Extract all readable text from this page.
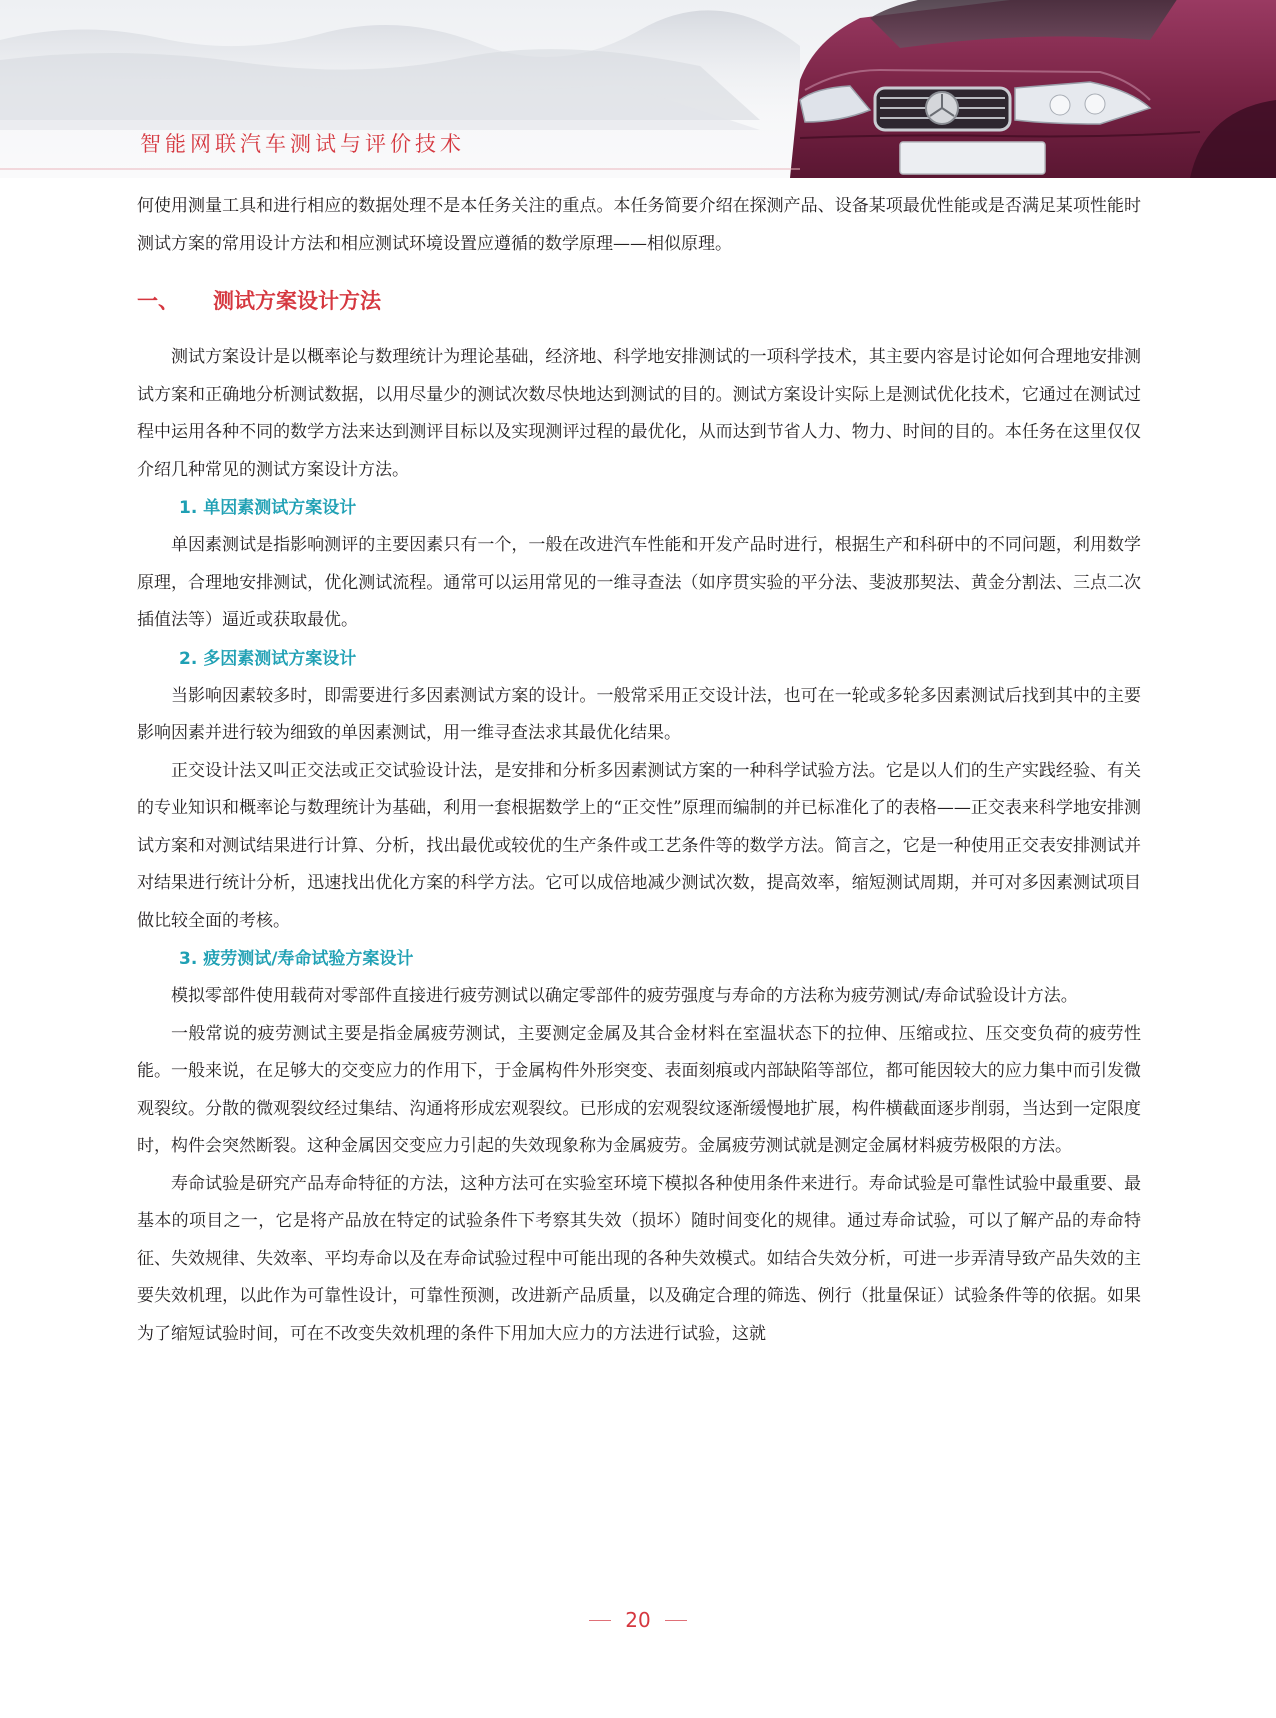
智能网联汽车测试与评价技术

何使用测量工具和进行相应的数据处理不是本任务关注的重点。本任务简要介绍在探测产品、设备某项最优性能或是否满足某项性能时测试方案的常用设计方法和相应测试环境设置应遵循的数学原理——相似原理。

一、 测试方案设计方法

测试方案设计是以概率论与数理统计为理论基础，经济地、科学地安排测试的一项科学技术，其主要内容是讨论如何合理地安排测试方案和正确地分析测试数据，以用尽量少的测试次数尽快地达到测试的目的。测试方案设计实际上是测试优化技术，它通过在测试过程中运用各种不同的数学方法来达到测评目标以及实现测评过程的最优化，从而达到节省人力、物力、时间的目的。本任务在这里仅仅介绍几种常见的测试方案设计方法。

1. 单因素测试方案设计

单因素测试是指影响测评的主要因素只有一个，一般在改进汽车性能和开发产品时进行，根据生产和科研中的不同问题，利用数学原理，合理地安排测试，优化测试流程。通常可以运用常见的一维寻查法（如序贯实验的平分法、斐波那契法、黄金分割法、三点二次插值法等）逼近或获取最优。

2. 多因素测试方案设计

当影响因素较多时，即需要进行多因素测试方案的设计。一般常采用正交设计法，也可在一轮或多轮多因素测试后找到其中的主要影响因素并进行较为细致的单因素测试，用一维寻查法求其最优化结果。

正交设计法又叫正交法或正交试验设计法，是安排和分析多因素测试方案的一种科学试验方法。它是以人们的生产实践经验、有关的专业知识和概率论与数理统计为基础，利用一套根据数学上的“正交性”原理而编制的并已标准化了的表格——正交表来科学地安排测试方案和对测试结果进行计算、分析，找出最优或较优的生产条件或工艺条件等的数学方法。简言之，它是一种使用正交表安排测试并对结果进行统计分析，迅速找出优化方案的科学方法。它可以成倍地减少测试次数，提高效率，缩短测试周期，并可对多因素测试项目做比较全面的考核。

3. 疲劳测试/寿命试验方案设计

模拟零部件使用载荷对零部件直接进行疲劳测试以确定零部件的疲劳强度与寿命的方法称为疲劳测试/寿命试验设计方法。

一般常说的疲劳测试主要是指金属疲劳测试，主要测定金属及其合金材料在室温状态下的拉伸、压缩或拉、压交变负荷的疲劳性能。一般来说，在足够大的交变应力的作用下，于金属构件外形突变、表面刻痕或内部缺陷等部位，都可能因较大的应力集中而引发微观裂纹。分散的微观裂纹经过集结、沟通将形成宏观裂纹。已形成的宏观裂纹逐渐缓慢地扩展，构件横截面逐步削弱，当达到一定限度时，构件会突然断裂。这种金属因交变应力引起的失效现象称为金属疲劳。金属疲劳测试就是测定金属材料疲劳极限的方法。

寿命试验是研究产品寿命特征的方法，这种方法可在实验室环境下模拟各种使用条件来进行。寿命试验是可靠性试验中最重要、最基本的项目之一，它是将产品放在特定的试验条件下考察其失效（损坏）随时间变化的规律。通过寿命试验，可以了解产品的寿命特征、失效规律、失效率、平均寿命以及在寿命试验过程中可能出现的各种失效模式。如结合失效分析，可进一步弄清导致产品失效的主要失效机理，以此作为可靠性设计，可靠性预测，改进新产品质量，以及确定合理的筛选、例行（批量保证）试验条件等的依据。如果为了缩短试验时间，可在不改变失效机理的条件下用加大应力的方法进行试验，这就

20
